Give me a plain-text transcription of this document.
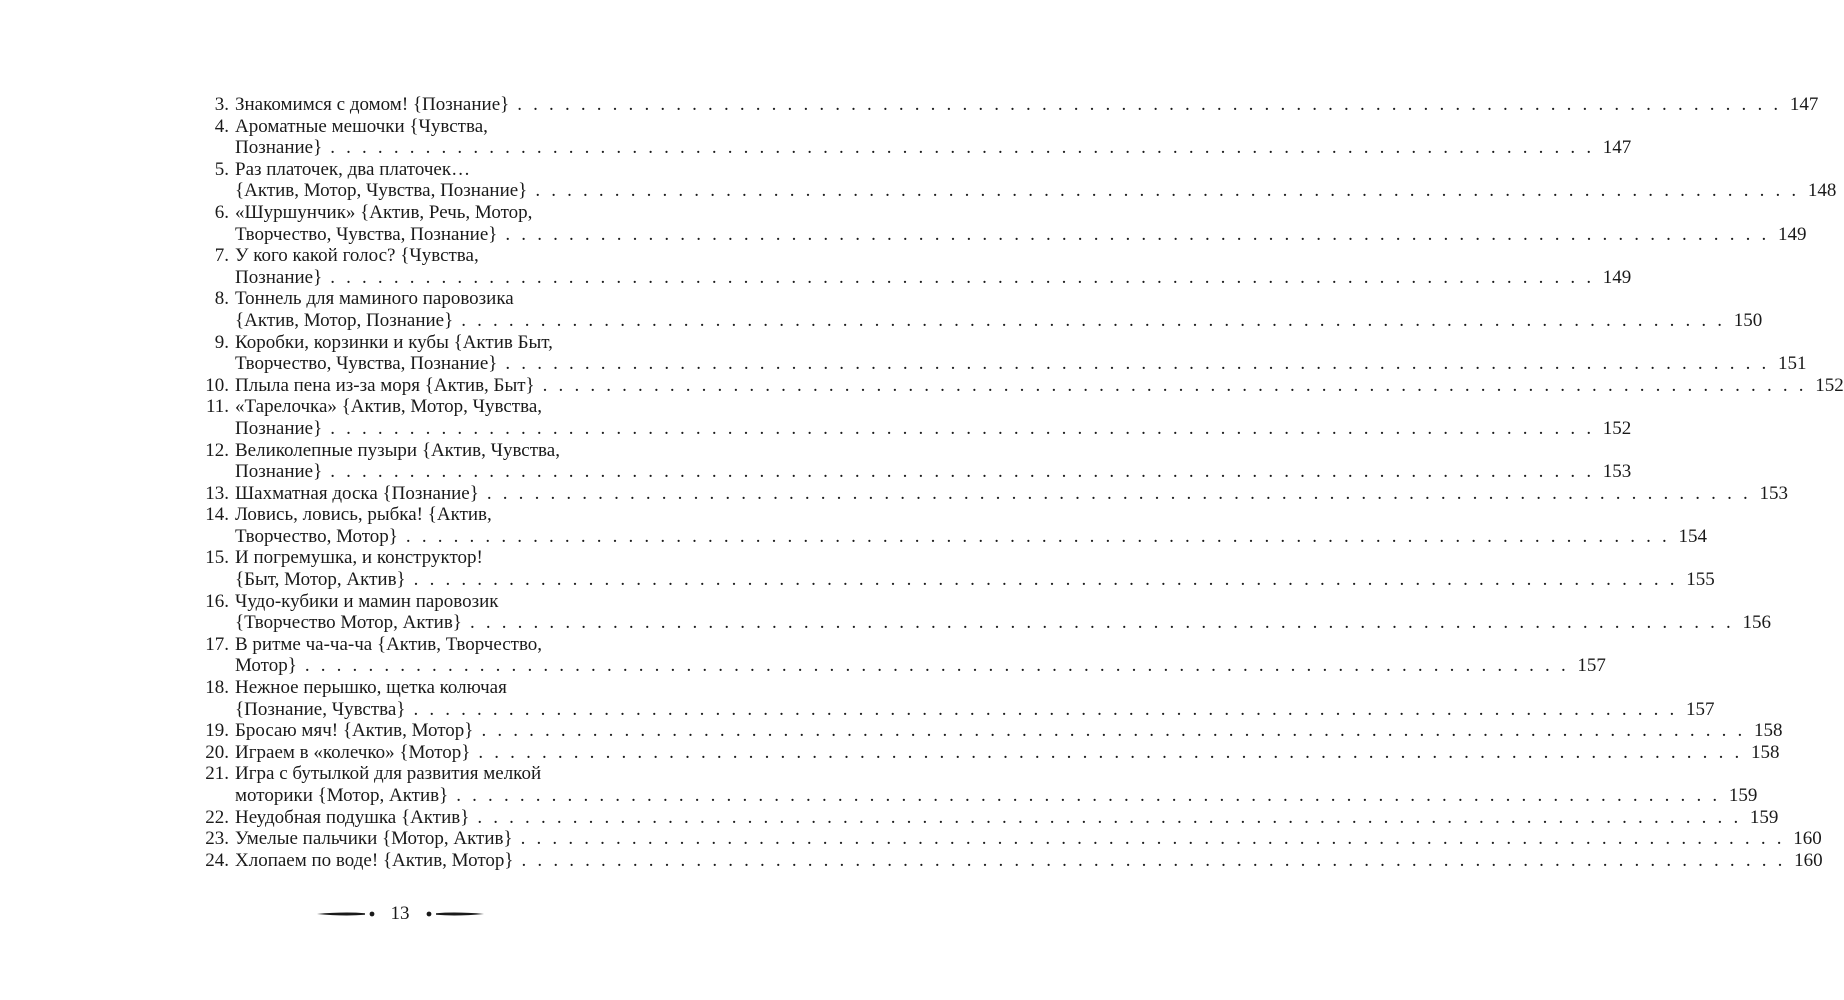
3. Знакомимся с домом! {Познание} . . . . . . . . . . . . . . . . . . . . . . . . . . . . . . . . . . . . . . . . . . . . . . . . . . . . . . . . . . . . . . . . . . . . . . . . . . . . . . . . 147
4. Ароматные мешочки {Чувства,
Познание} . . . . . . . . . . . . . . . . . . . . . . . . . . . . . . . . . . . . . . . . . . . . . . . . . . . . . . . . . . . . . . . . . . . . . . . . . . . . . . . . 147
5. Раз платочек, два платочек…
{Актив, Мотор, Чувства, Познание} . . . . . . . . . . . . . . . . . . . . . . . . . . . . . . . . . . . . . . . . . . . . . . . . . . . . . . . . . . . . . . . . . . . . . . . . . . . . . . . . 148
6. «Шуршунчик» {Актив, Речь, Мотор,
Творчество, Чувства, Познание} . . . . . . . . . . . . . . . . . . . . . . . . . . . . . . . . . . . . . . . . . . . . . . . . . . . . . . . . . . . . . . . . . . . . . . . . . . . . . . . . 149
7. У кого какой голос? {Чувства,
Познание} . . . . . . . . . . . . . . . . . . . . . . . . . . . . . . . . . . . . . . . . . . . . . . . . . . . . . . . . . . . . . . . . . . . . . . . . . . . . . . . . 149
8. Тоннель для маминого паровозика
{Актив, Мотор, Познание} . . . . . . . . . . . . . . . . . . . . . . . . . . . . . . . . . . . . . . . . . . . . . . . . . . . . . . . . . . . . . . . . . . . . . . . . . . . . . . . . 150
9. Коробки, корзинки и кубы {Актив Быт,
Творчество, Чувства, Познание} . . . . . . . . . . . . . . . . . . . . . . . . . . . . . . . . . . . . . . . . . . . . . . . . . . . . . . . . . . . . . . . . . . . . . . . . . . . . . . . . 151
10. Плыла пена из-за моря {Актив, Быт} . . . . . . . . . . . . . . . . . . . . . . . . . . . . . . . . . . . . . . . . . . . . . . . . . . . . . . . . . . . . . . . . . . . . . . . . . . . . . . . . 152
11. «Тарелочка» {Актив, Мотор, Чувства,
Познание} . . . . . . . . . . . . . . . . . . . . . . . . . . . . . . . . . . . . . . . . . . . . . . . . . . . . . . . . . . . . . . . . . . . . . . . . . . . . . . . . 152
12. Великолепные пузыри {Актив, Чувства,
Познание} . . . . . . . . . . . . . . . . . . . . . . . . . . . . . . . . . . . . . . . . . . . . . . . . . . . . . . . . . . . . . . . . . . . . . . . . . . . . . . . . 153
13. Шахматная доска {Познание} . . . . . . . . . . . . . . . . . . . . . . . . . . . . . . . . . . . . . . . . . . . . . . . . . . . . . . . . . . . . . . . . . . . . . . . . . . . . . . . . 153
14. Ловись, ловись, рыбка! {Актив,
Творчество, Мотор} . . . . . . . . . . . . . . . . . . . . . . . . . . . . . . . . . . . . . . . . . . . . . . . . . . . . . . . . . . . . . . . . . . . . . . . . . . . . . . . . 154
15. И погремушка, и конструктор!
{Быт, Мотор, Актив} . . . . . . . . . . . . . . . . . . . . . . . . . . . . . . . . . . . . . . . . . . . . . . . . . . . . . . . . . . . . . . . . . . . . . . . . . . . . . . . . 155
16. Чудо-кубики и мамин паровозик
{Творчество Мотор, Актив} . . . . . . . . . . . . . . . . . . . . . . . . . . . . . . . . . . . . . . . . . . . . . . . . . . . . . . . . . . . . . . . . . . . . . . . . . . . . . . . . 156
17. В ритме ча-ча-ча {Актив, Творчество,
Мотор} . . . . . . . . . . . . . . . . . . . . . . . . . . . . . . . . . . . . . . . . . . . . . . . . . . . . . . . . . . . . . . . . . . . . . . . . . . . . . . . . 157
18. Нежное перышко, щетка колючая
{Познание, Чувства} . . . . . . . . . . . . . . . . . . . . . . . . . . . . . . . . . . . . . . . . . . . . . . . . . . . . . . . . . . . . . . . . . . . . . . . . . . . . . . . . 157
19. Бросаю мяч! {Актив, Мотор} . . . . . . . . . . . . . . . . . . . . . . . . . . . . . . . . . . . . . . . . . . . . . . . . . . . . . . . . . . . . . . . . . . . . . . . . . . . . . . . . 158
20. Играем в «колечко» {Мотор} . . . . . . . . . . . . . . . . . . . . . . . . . . . . . . . . . . . . . . . . . . . . . . . . . . . . . . . . . . . . . . . . . . . . . . . . . . . . . . . . 158
21. Игра с бутылкой для развития мелкой
моторики {Мотор, Актив} . . . . . . . . . . . . . . . . . . . . . . . . . . . . . . . . . . . . . . . . . . . . . . . . . . . . . . . . . . . . . . . . . . . . . . . . . . . . . . . . 159
22. Неудобная подушка {Актив} . . . . . . . . . . . . . . . . . . . . . . . . . . . . . . . . . . . . . . . . . . . . . . . . . . . . . . . . . . . . . . . . . . . . . . . . . . . . . . . . 159
23. Умелые пальчики {Мотор, Актив} . . . . . . . . . . . . . . . . . . . . . . . . . . . . . . . . . . . . . . . . . . . . . . . . . . . . . . . . . . . . . . . . . . . . . . . . . . . . . . . . 160
24. Хлопаем по воде! {Актив, Мотор} . . . . . . . . . . . . . . . . . . . . . . . . . . . . . . . . . . . . . . . . . . . . . . . . . . . . . . . . . . . . . . . . . . . . . . . . . . . . . . . . 160
13
